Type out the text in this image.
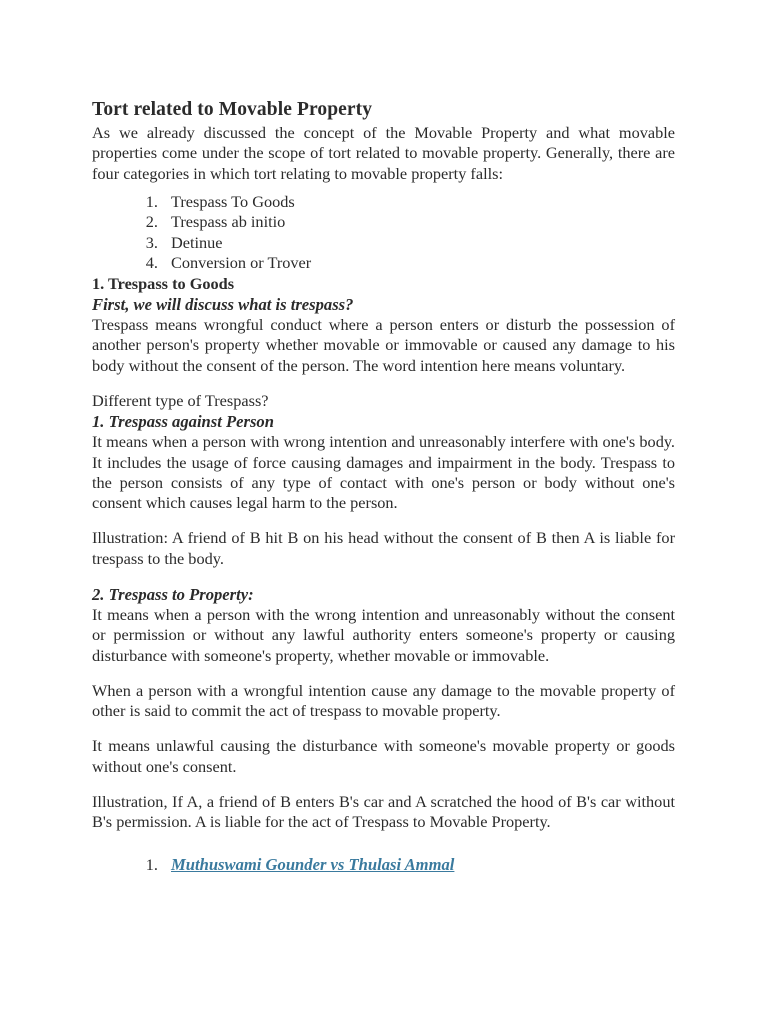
Tort related to Movable Property

As we already discussed the concept of the Movable Property and what movable properties come under the scope of tort related to movable property. Generally, there are four categories in which tort relating to movable property falls:

1. Trespass To Goods
2. Trespass ab initio
3. Detinue
4. Conversion or Trover
1. Trespass to Goods
First, we will discuss what is trespass?

Trespass means wrongful conduct where a person enters or disturb the possession of another person's property whether movable or immovable or caused any damage to his body without the consent of the person. The word intention here means voluntary.

Different type of Trespass?
1. Trespass against Person

It means when a person with wrong intention and unreasonably interfere with one's body. It includes the usage of force causing damages and impairment in the body. Trespass to the person consists of any type of contact with one's person or body without one's consent which causes legal harm to the person.

Illustration: A friend of B hit B on his head without the consent of B then A is liable for trespass to the body.

2. Trespass to Property:

It means when a person with the wrong intention and unreasonably without the consent or permission or without any lawful authority enters someone's property or causing disturbance with someone's property, whether movable or immovable.

When a person with a wrongful intention cause any damage to the movable property of other is said to commit the act of trespass to movable property.

It means unlawful causing the disturbance with someone's movable property or goods without one's consent.

Illustration, If A, a friend of B enters B's car and A scratched the hood of B's car without B's permission. A is liable for the act of Trespass to Movable Property.

1. Muthuswami Gounder vs Thulasi Ammal
